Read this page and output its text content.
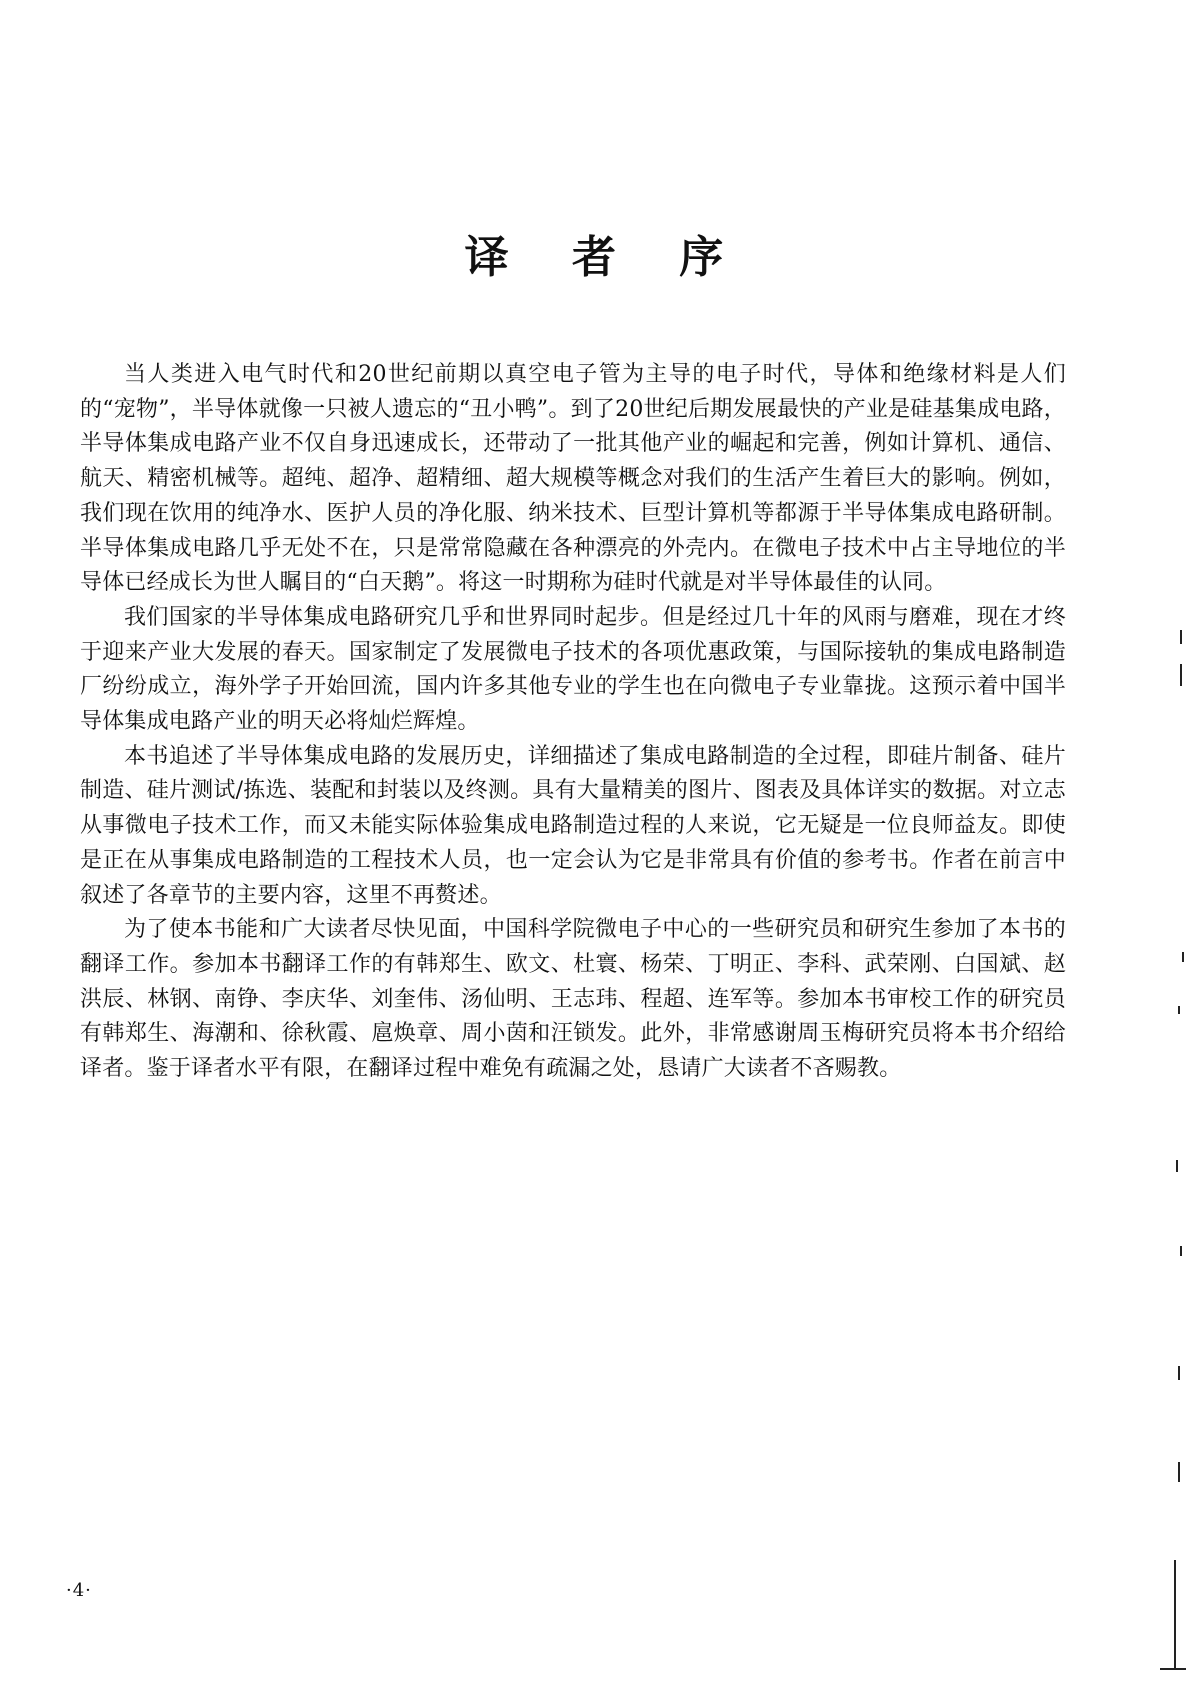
译 者 序

当人类进入电气时代和20世纪前期以真空电子管为主导的电子时代，导体和绝缘材料是人们的“宠物”，半导体就像一只被人遗忘的“丑小鸭”。到了20世纪后期发展最快的产业是硅基集成电路，半导体集成电路产业不仅自身迅速成长，还带动了一批其他产业的崛起和完善，例如计算机、通信、航天、精密机械等。超纯、超净、超精细、超大规模等概念对我们的生活产生着巨大的影响。例如，我们现在饮用的纯净水、医护人员的净化服、纳米技术、巨型计算机等都源于半导体集成电路研制。半导体集成电路几乎无处不在，只是常常隐藏在各种漂亮的外壳内。在微电子技术中占主导地位的半导体已经成长为世人瞩目的“白天鹅”。将这一时期称为硅时代就是对半导体最佳的认同。

我们国家的半导体集成电路研究几乎和世界同时起步。但是经过几十年的风雨与磨难，现在才终于迎来产业大发展的春天。国家制定了发展微电子技术的各项优惠政策，与国际接轨的集成电路制造厂纷纷成立，海外学子开始回流，国内许多其他专业的学生也在向微电子专业靠拢。这预示着中国半导体集成电路产业的明天必将灿烂辉煌。

本书追述了半导体集成电路的发展历史，详细描述了集成电路制造的全过程，即硅片制备、硅片制造、硅片测试/拣选、装配和封装以及终测。具有大量精美的图片、图表及具体详实的数据。对立志从事微电子技术工作，而又未能实际体验集成电路制造过程的人来说，它无疑是一位良师益友。即使是正在从事集成电路制造的工程技术人员，也一定会认为它是非常具有价值的参考书。作者在前言中叙述了各章节的主要内容，这里不再赘述。

为了使本书能和广大读者尽快见面，中国科学院微电子中心的一些研究员和研究生参加了本书的翻译工作。参加本书翻译工作的有韩郑生、欧文、杜寰、杨荣、丁明正、李科、武荣刚、白国斌、赵洪辰、林钢、南铮、李庆华、刘奎伟、汤仙明、王志玮、程超、连军等。参加本书审校工作的研究员有韩郑生、海潮和、徐秋霞、扈焕章、周小茵和汪锁发。此外，非常感谢周玉梅研究员将本书介绍给译者。鉴于译者水平有限，在翻译过程中难免有疏漏之处，恳请广大读者不吝赐教。

·4·
